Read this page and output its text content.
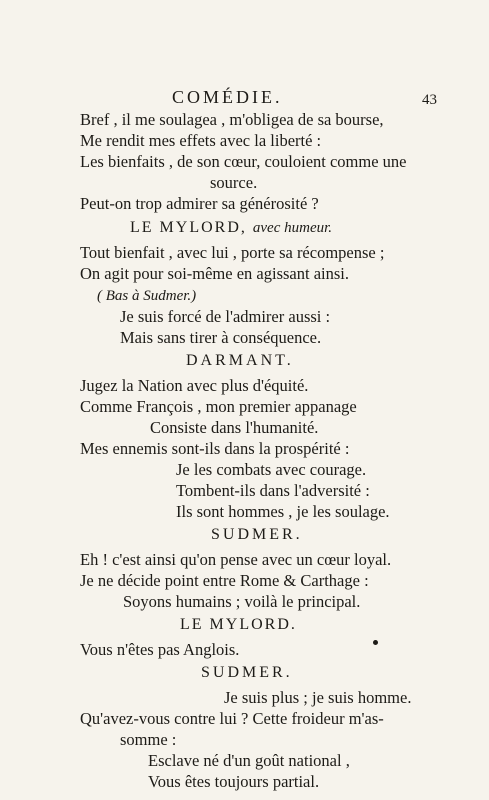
COMÉDIE.	43
Bref , il me soulagea , m'obligea de sa bourse,
Me rendit mes effets avec la liberté :
Les bienfaits , de son cœur, couloient comme une
source.
Peut-on trop admirer sa générosité ?
LE MYLORD, avec humeur.
Tout bienfait , avec lui , porte sa récompense ;
On agit pour soi-même en agissant ainsi.
( Bas à Sudmer.)
Je suis forcé de l'admirer aussi :
Mais sans tirer à conséquence.
DARMANT.
Jugez la Nation avec plus d'équité.
Comme François , mon premier appanage
Consiste dans l'humanité.
Mes ennemis sont-ils dans la prospérité :
Je les combats avec courage.
Tombent-ils dans l'adversité :
Ils sont hommes , je les soulage.
SUDMER.
Eh ! c'est ainsi qu'on pense avec un cœur loyal.
Je ne décide point entre Rome & Carthage :
Soyons humains ; voilà le principal.
LE MYLORD.
Vous n'êtes pas Anglois.
SUDMER.
Je suis plus ; je suis homme.
Qu'avez-vous contre lui ? Cette froideur m'as-
somme :
Esclave né d'un goût national ,
Vous êtes toujours partial.
